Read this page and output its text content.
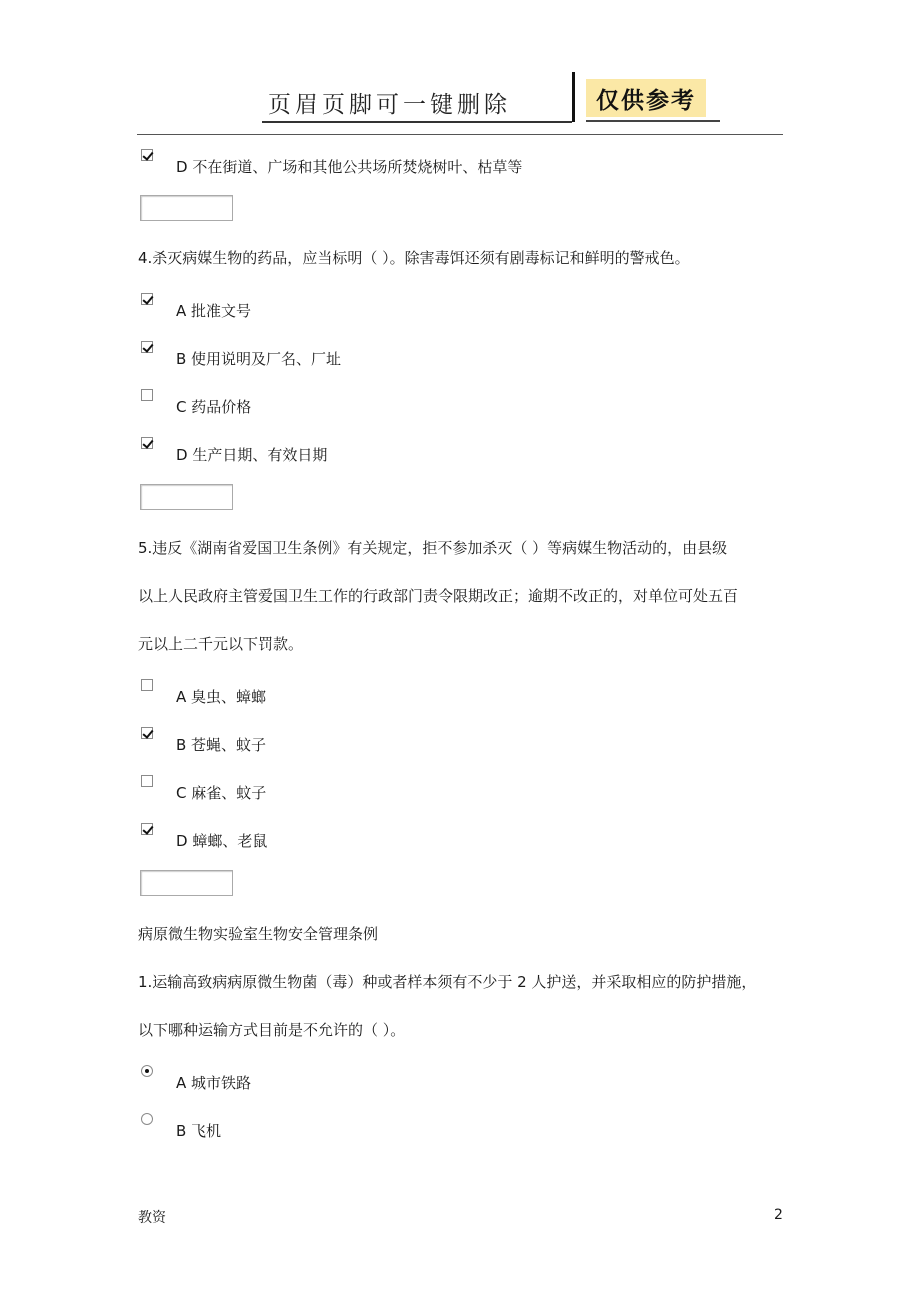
页眉页脚可一键删除	仅供参考
D 不在街道、广场和其他公共场所焚烧树叶、枯草等
4.杀灭病媒生物的药品，应当标明（ ）。除害毒饵还须有剧毒标记和鲜明的警戒色。
A 批准文号
B 使用说明及厂名、厂址
C 药品价格
D 生产日期、有效日期
5.违反《湖南省爱国卫生条例》有关规定，拒不参加杀灭（ ）等病媒生物活动的，由县级
以上人民政府主管爱国卫生工作的行政部门责令限期改正；逾期不改正的，对单位可处五百
元以上二千元以下罚款。
A 臭虫、蟑螂
B 苍蝇、蚊子
C 麻雀、蚊子
D 蟑螂、老鼠
病原微生物实验室生物安全管理条例
1.运输高致病病原微生物菌（毒）种或者样本须有不少于 2 人护送，并采取相应的防护措施，
以下哪种运输方式目前是不允许的（ ）。
A 城市铁路
B 飞机
教资	2
